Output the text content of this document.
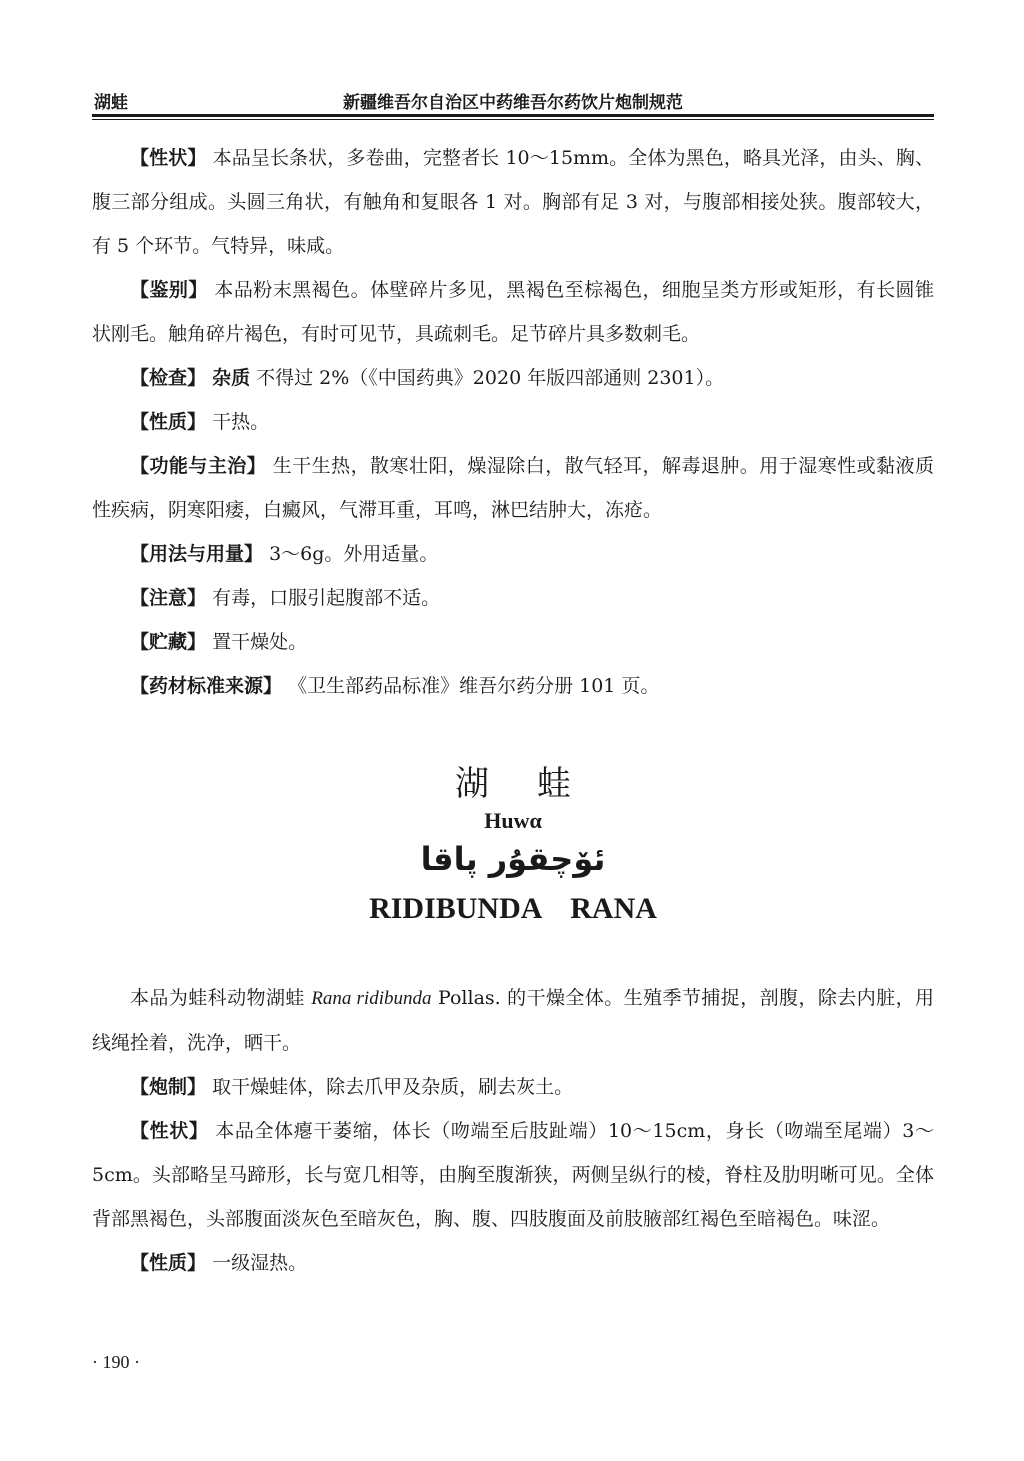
湖蛙	新疆维吾尔自治区中药维吾尔药饮片炮制规范

【性状】 本品呈长条状，多卷曲，完整者长 10～15mm。全体为黑色，略具光泽，由头、胸、腹三部分组成。头圆三角状，有触角和复眼各 1 对。胸部有足 3 对，与腹部相接处狭。腹部较大，有 5 个环节。气特异，味咸。

【鉴别】 本品粉末黑褐色。体壁碎片多见，黑褐色至棕褐色，细胞呈类方形或矩形，有长圆锥状刚毛。触角碎片褐色，有时可见节，具疏刺毛。足节碎片具多数刺毛。

【检查】 杂质 不得过 2%（《中国药典》2020 年版四部通则 2301）。

【性质】 干热。

【功能与主治】 生干生热，散寒壮阳，燥湿除白，散气轻耳，解毒退肿。用于湿寒性或黏液质性疾病，阴寒阳痿，白癜风，气滞耳重，耳鸣，淋巴结肿大，冻疮。

【用法与用量】 3～6g。外用适量。

【注意】 有毒，口服引起腹部不适。

【贮藏】 置干燥处。

【药材标准来源】 《卫生部药品标准》维吾尔药分册 101 页。

湖蛙
Huwα
ئۆچقۇر پاقا
RIDIBUNDA RANA

本品为蛙科动物湖蛙 Rana ridibunda Pollas. 的干燥全体。生殖季节捕捉，剖腹，除去内脏，用线绳拴着，洗净，晒干。

【炮制】 取干燥蛙体，除去爪甲及杂质，刷去灰土。

【性状】 本品全体瘪干萎缩，体长（吻端至后肢趾端）10～15cm，身长（吻端至尾端）3～5cm。头部略呈马蹄形，长与宽几相等，由胸至腹渐狭，两侧呈纵行的棱，脊柱及肋明晰可见。全体背部黑褐色，头部腹面淡灰色至暗灰色，胸、腹、四肢腹面及前肢腋部红褐色至暗褐色。味涩。

【性质】 一级湿热。

· 190 ·
